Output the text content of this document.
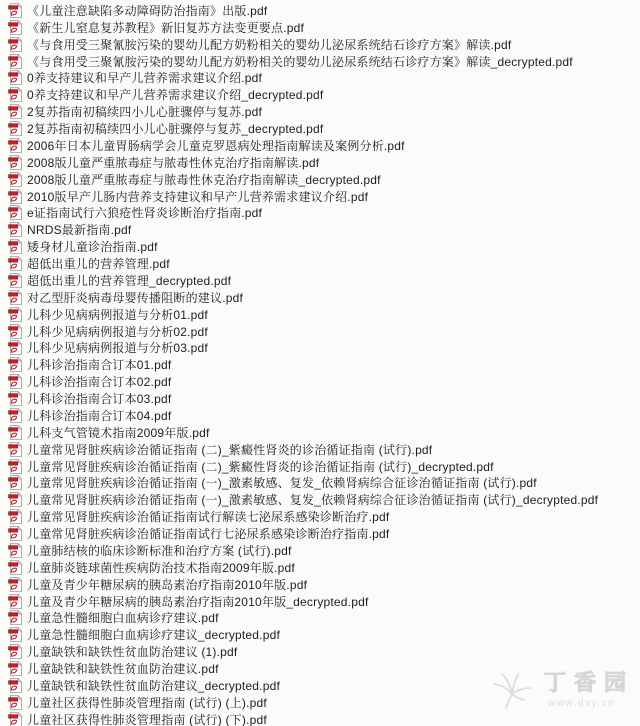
《儿童注意缺陷多动障碍防治指南》出版.pdf
《新生儿窒息复苏教程》新旧复苏方法变更要点.pdf
《与食用受三聚氰胺污染的婴幼儿配方奶粉相关的婴幼儿泌尿系统结石诊疗方案》解读.pdf
《与食用受三聚氰胺污染的婴幼儿配方奶粉相关的婴幼儿泌尿系统结石诊疗方案》解读_decrypted.pdf
0养支持建议和早产儿营养需求建议介绍.pdf
0养支持建议和早产儿营养需求建议介绍_decrypted.pdf
2复苏指南初稿续四小儿心脏骤停与复苏.pdf
2复苏指南初稿续四小儿心脏骤停与复苏_decrypted.pdf
2006年日本儿童胃肠病学会儿童克罗恩病处理指南解读及案例分析.pdf
2008版儿童严重脓毒症与脓毒性休克治疗指南解读.pdf
2008版儿童严重脓毒症与脓毒性休克治疗指南解读_decrypted.pdf
2010版早产儿肠内营养支持建议和早产儿营养需求建议介绍.pdf
e证指南试行六狼疮性肾炎诊断治疗指南.pdf
NRDS最新指南.pdf
矮身材儿童诊治指南.pdf
超低出重儿的营养管理.pdf
超低出重儿的营养管理_decrypted.pdf
对乙型肝炎病毒母婴传播阻断的建议.pdf
儿科少见病病例报道与分析01.pdf
儿科少见病病例报道与分析02.pdf
儿科少见病病例报道与分析03.pdf
儿科诊治指南合订本01.pdf
儿科诊治指南合订本02.pdf
儿科诊治指南合订本03.pdf
儿科诊治指南合订本04.pdf
儿科支气管镜术指南2009年版.pdf
儿童常见肾脏疾病诊治循证指南 (二)_紫癜性肾炎的诊治循证指南 (试行).pdf
儿童常见肾脏疾病诊治循证指南 (二)_紫癜性肾炎的诊治循证指南 (试行)_decrypted.pdf
儿童常见肾脏疾病诊治循证指南 (一)_激素敏感、复发_依赖肾病综合征诊治循证指南 (试行).pdf
儿童常见肾脏疾病诊治循证指南 (一)_激素敏感、复发_依赖肾病综合征诊治循证指南 (试行)_decrypted.pdf
儿童常见肾脏疾病诊治循证指南试行解读七泌尿系感染诊断治疗.pdf
儿童常见肾脏疾病诊治循证指南试行七泌尿系感染诊断治疗指南.pdf
儿童肺结核的临床诊断标准和治疗方案 (试行).pdf
儿童肺炎链球菌性疾病防治技术指南2009年版.pdf
儿童及青少年糖尿病的胰岛素治疗指南2010年版.pdf
儿童及青少年糖尿病的胰岛素治疗指南2010年版_decrypted.pdf
儿童急性髓细胞白血病诊疗建议.pdf
儿童急性髓细胞白血病诊疗建议_decrypted.pdf
儿童缺铁和缺铁性贫血防治建议 (1).pdf
儿童缺铁和缺铁性贫血防治建议.pdf
儿童缺铁和缺铁性贫血防治建议_decrypted.pdf
儿童社区获得性肺炎管理指南 (试行) (上).pdf
儿童社区获得性肺炎管理指南 (试行) (下).pdf
丁香园
www.dxy.cn
